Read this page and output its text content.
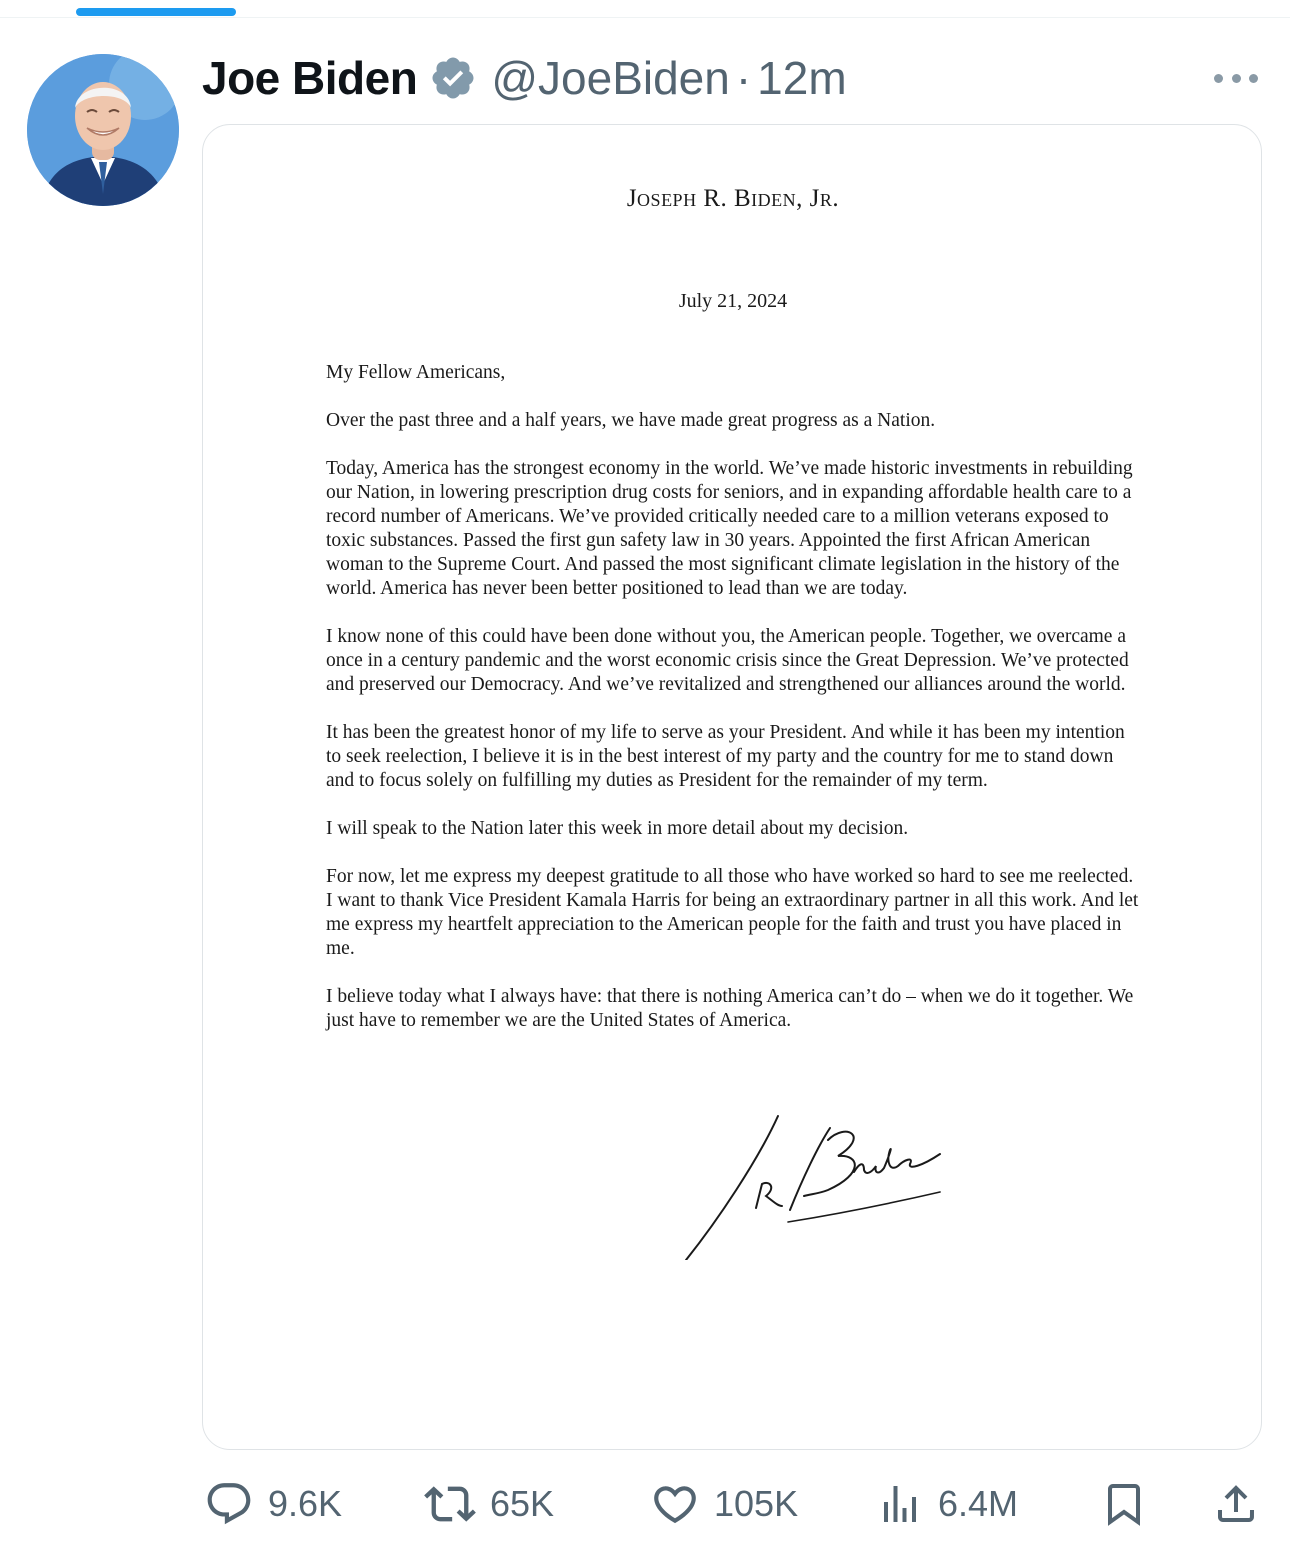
Joe Biden @JoeBiden · 12m
Joseph R. Biden, Jr.
July 21, 2024

My Fellow Americans,

Over the past three and a half years, we have made great progress as a Nation.

Today, America has the strongest economy in the world. We’ve made historic investments in rebuilding our Nation, in lowering prescription drug costs for seniors, and in expanding affordable health care to a record number of Americans. We’ve provided critically needed care to a million veterans exposed to toxic substances. Passed the first gun safety law in 30 years. Appointed the first African American woman to the Supreme Court. And passed the most significant climate legislation in the history of the world. America has never been better positioned to lead than we are today.

I know none of this could have been done without you, the American people. Together, we overcame a once in a century pandemic and the worst economic crisis since the Great Depression. We’ve protected and preserved our Democracy. And we’ve revitalized and strengthened our alliances around the world.

It has been the greatest honor of my life to serve as your President. And while it has been my intention to seek reelection, I believe it is in the best interest of my party and the country for me to stand down and to focus solely on fulfilling my duties as President for the remainder of my term.

I will speak to the Nation later this week in more detail about my decision.

For now, let me express my deepest gratitude to all those who have worked so hard to see me reelected. I want to thank Vice President Kamala Harris for being an extraordinary partner in all this work. And let me express my heartfelt appreciation to the American people for the faith and trust you have placed in me.

I believe today what I always have: that there is nothing America can’t do – when we do it together. We just have to remember we are the United States of America.

9.6K	65K	105K	6.4M
